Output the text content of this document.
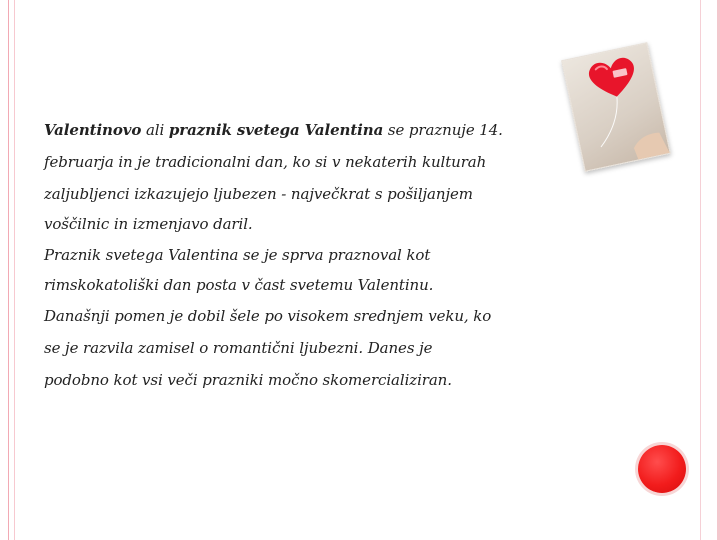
Valentinovo ali praznik svetega Valentina se praznuje 14.
februarja in je tradicionalni dan, ko si v nekaterih kulturah
zaljubljenci izkazujejo ljubezen - največkrat s pošiljanjem
voščilnic in izmenjavo daril.
Praznik svetega Valentina se je sprva praznoval kot
rimskokatoliški dan posta v čast svetemu Valentinu.
Današnji pomen je dobil šele po visokem srednjem veku, ko
se je razvila zamisel o romantični ljubezni. Danes je
podobno kot vsi veči prazniki močno skomercializiran.
